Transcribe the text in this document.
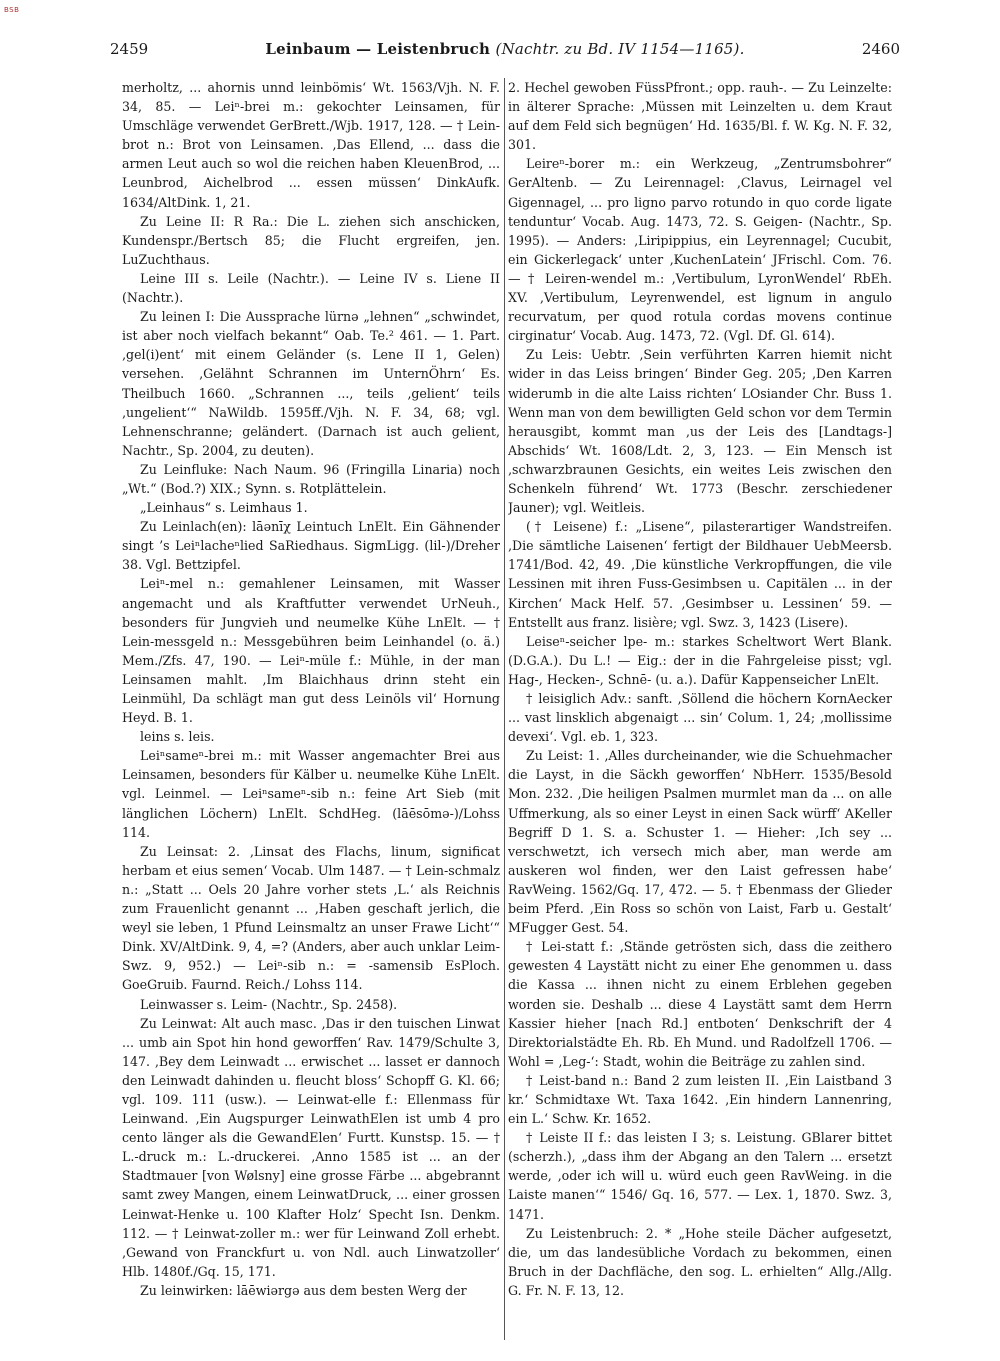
BSB
2459	Leinbaum — Leistenbruch (Nachtr. zu Bd. IV 1154—1165).	2460

merholtz, ... ahornis unnd leinbömis‘ Wt. 1563/Vjh. N. F. 34, 85. — Leiⁿ-brei m.: gekochter Leinsamen, für Umschläge verwendet GerBrett./Wjb. 1917, 128. — † Lein-brot n.: Brot von Leinsamen. ‚Das Ellend, ... dass die armen Leut auch so wol die reichen haben KleuenBrod, ... Leunbrod, Aichelbrod ... essen müssen‘ DinkAufk. 1634/AltDink. 1, 21.

Zu Leine II: R Ra.: Die L. ziehen sich anschicken, Kundenspr./Bertsch 85; die Flucht ergreifen, jen. LuZuchthaus.

Leine III s. Leile (Nachtr.). — Leine IV s. Liene II (Nachtr.).

Zu leinen I: Die Aussprache lürnə „lehnen“ „schwindet, ist aber noch vielfach bekannt“ Oab. Te.² 461. — 1. Part. ‚gel(i)ent‘ mit einem Geländer (s. Lene II 1, Gelen) versehen. ‚Gelähnt Schrannen im UnternÖhrn‘ Es. Theilbuch 1660. „Schrannen ..., teils ‚gelient‘ teils ‚ungelient‘“ NaWildb. 1595ff./Vjh. N. F. 34, 68; vgl. Lehnenschranne; geländert. (Darnach ist auch gelient, Nachtr., Sp. 2004, zu deuten).

Zu Leinfluke: Nach Naum. 96 (Fringilla Linaria) noch „Wt.“ (Bod.?) XIX.; Synn. s. Rotplättelein.

„Leinhaus“ s. Leimhaus 1.

Zu Leinlach(en): lāənīχ Leintuch LnElt. Ein Gähnender singt ’s Leiⁿlacheⁿlied SaRiedhaus. SigmLigg. (lil-)/Dreher 38. Vgl. Bettzipfel.

Leiⁿ-mel n.: gemahlener Leinsamen, mit Wasser angemacht und als Kraftfutter verwendet UrNeuh., besonders für Jungvieh und neumelke Kühe LnElt. — † Lein-messgeld n.: Messgebühren beim Leinhandel (o. ä.) Mem./Zfs. 47, 190. — Leiⁿ-müle f.: Mühle, in der man Leinsamen mahlt. ‚Im Blaichhaus drinn steht ein Leinmühl, Da schlägt man gut dess Leinöls vil‘ Hornung Heyd. B. 1.

leins s. leis.

Leiⁿsameⁿ-brei m.: mit Wasser angemachter Brei aus Leinsamen, besonders für Kälber u. neumelke Kühe LnElt. vgl. Leinmel. — Leiⁿsameⁿ-sib n.: feine Art Sieb (mit länglichen Löchern) LnElt. SchdHeg. (lāēsōmə-)/Lohss 114.

Zu Leinsat: 2. ‚Linsat des Flachs, linum, significat herbam et eius semen‘ Vocab. Ulm 1487. — † Lein-schmalz n.: „Statt ... Oels 20 Jahre vorher stets ‚L.‘ als Reichnis zum Frauenlicht genannt ... ‚Haben geschaft jerlich, die weyl sie leben, 1 Pfund Leinsmaltz an unser Frawe Licht‘“ Dink. XV/AltDink. 9, 4, =? (Anders, aber auch unklar Leim- Swz. 9, 952.) — Leiⁿ-sib n.: = -samensib EsPloch. GoeGruib. Faurnd. Reich./ Lohss 114.

Leinwasser s. Leim- (Nachtr., Sp. 2458).

Zu Leinwat: Alt auch masc. ‚Das ir den tuischen Linwat ... umb ain Spot hin hond geworffen‘ Rav. 1479/Schulte 3, 147. ‚Bey dem Leinwadt ... erwischet ... lasset er dannoch den Leinwadt dahinden u. fleucht bloss‘ Schopff G. Kl. 66; vgl. 109. 111 (usw.). — Leinwat-elle f.: Ellenmass für Leinwand. ‚Ein Augspurger LeinwathElen ist umb 4 pro cento länger als die GewandElen‘ Furtt. Kunstsp. 15. — † L.-druck m.: L.-druckerei. ‚Anno 1585 ist ... an der Stadtmauer [von Wølsny] eine grosse Färbe ... abgebrannt samt zwey Mangen, einem LeinwatDruck, ... einer grossen Leinwat-Henke u. 100 Klafter Holz‘ Specht Isn. Denkm. 112. — † Leinwat-zoller m.: wer für Leinwand Zoll erhebt. ‚Gewand von Franckfurt u. von Ndl. auch Linwatzoller‘ Hlb. 1480f./Gq. 15, 171.

Zu leinwirken: lāēwiərgə aus dem besten Werg der

2. Hechel gewoben FüssPfront.; opp. rauh-. — Zu Leinzelte: in älterer Sprache: ‚Müssen mit Leinzelten u. dem Kraut auf dem Feld sich begnügen‘ Hd. 1635/Bl. f. W. Kg. N. F. 32, 301.

Leireⁿ-borer m.: ein Werkzeug, „Zentrumsbohrer“ GerAltenb. — Zu Leirennagel: ‚Clavus, Leirnagel vel Gigennagel, ... pro ligno parvo rotundo in quo corde ligate tenduntur‘ Vocab. Aug. 1473, 72. S. Geigen- (Nachtr., Sp. 1995). — Anders: ‚Liripippius, ein Leyrennagel; Cucubit, ein Gickerlegack‘ unter ‚KuchenLatein‘ JFrischl. Com. 76. — † Leiren-wendel m.: ‚Vertibulum, LyronWendel‘ RbEh. XV. ‚Vertibulum, Leyrenwendel, est lignum in angulo recurvatum, per quod rotula cordas movens continue cirginatur‘ Vocab. Aug. 1473, 72. (Vgl. Df. Gl. 614).

Zu Leis: Uebtr. ‚Sein verführten Karren hiemit nicht wider in das Leiss bringen‘ Binder Geg. 205; ‚Den Karren widerumb in die alte Laiss richten‘ LOsiander Chr. Buss 1. Wenn man von dem bewilligten Geld schon vor dem Termin herausgibt, kommt man ‚us der Leis des [Landtags-] Abschids‘ Wt. 1608/Ldt. 2, 3, 123. — Ein Mensch ist ‚schwarzbraunen Gesichts, ein weites Leis zwischen den Schenkeln führend‘ Wt. 1773 (Beschr. zerschiedener Jauner); vgl. Weitleis.

(† Leisene) f.: „Lisene“, pilasterartiger Wandstreifen. ‚Die sämtliche Laisenen‘ fertigt der Bildhauer UebMeersb. 1741/Bod. 42, 49. ‚Die künstliche Verkropffungen, die vile Lessinen mit ihren Fuss-Gesimbsen u. Capitälen ... in der Kirchen‘ Mack Helf. 57. ‚Gesimbser u. Lessinen‘ 59. — Entstellt aus franz. lisière; vgl. Swz. 3, 1423 (Lisere).

Leiseⁿ-seicher lpe- m.: starkes Scheltwort Wert Blank. (D.G.A.). Du L.! — Eig.: der in die Fahrgeleise pisst; vgl. Hag-, Hecken-, Schnē- (u. a.). Dafür Kappenseicher LnElt.

† leisiglich Adv.: sanft. ‚Söllend die höchern KornAecker ... vast linsklich abgenaigt ... sin‘ Colum. 1, 24; ‚mollissime devexi‘. Vgl. eb. 1, 323.

Zu Leist: 1. ‚Alles durcheinander, wie die Schuehmacher die Layst, in die Säckh geworffen‘ NbHerr. 1535/Besold Mon. 232. ‚Die heiligen Psalmen murmlet man da ... on alle Uffmerkung, als so einer Leyst in einen Sack würff‘ AKeller Begriff D 1. S. a. Schuster 1. — Hieher: ‚Ich sey ... verschwetzt, ich versech mich aber, man werde am auskeren wol finden, wer den Laist gefressen habe‘ RavWeing. 1562/Gq. 17, 472. — 5. † Ebenmass der Glieder beim Pferd. ‚Ein Ross so schön von Laist, Farb u. Gestalt‘ MFugger Gest. 54.

† Lei-statt f.: ‚Stände getrösten sich, dass die zeithero gewesten 4 Laystätt nicht zu einer Ehe genommen u. dass die Kassa ... ihnen nicht zu einem Erblehen gegeben worden sie. Deshalb ... diese 4 Laystätt samt dem Herrn Kassier hieher [nach Rd.] entboten‘ Denkschrift der 4 Direktorialstädte Eh. Rb. Eh Mund. und Radolfzell 1706. — Wohl = ‚Leg-‘: Stadt, wohin die Beiträge zu zahlen sind.

† Leist-band n.: Band 2 zum leisten II. ‚Ein Laistband 3 kr.‘ Schmidtaxe Wt. Taxa 1642. ‚Ein hindern Lannenring, ein L.‘ Schw. Kr. 1652.

† Leiste II f.: das leisten I 3; s. Leistung. GBlarer bittet (scherzh.), „dass ihm der Abgang an den Talern ... ersetzt werde, ‚oder ich will u. würd euch geen RavWeing. in die Laiste manen‘“ 1546/ Gq. 16, 577. — Lex. 1, 1870. Swz. 3, 1471.

Zu Leistenbruch: 2. * „Hohe steile Dächer aufgesetzt, die, um das landesübliche Vordach zu bekommen, einen Bruch in der Dachfläche, den sog. L. erhielten“ Allg./Allg. G. Fr. N. F. 13, 12.
